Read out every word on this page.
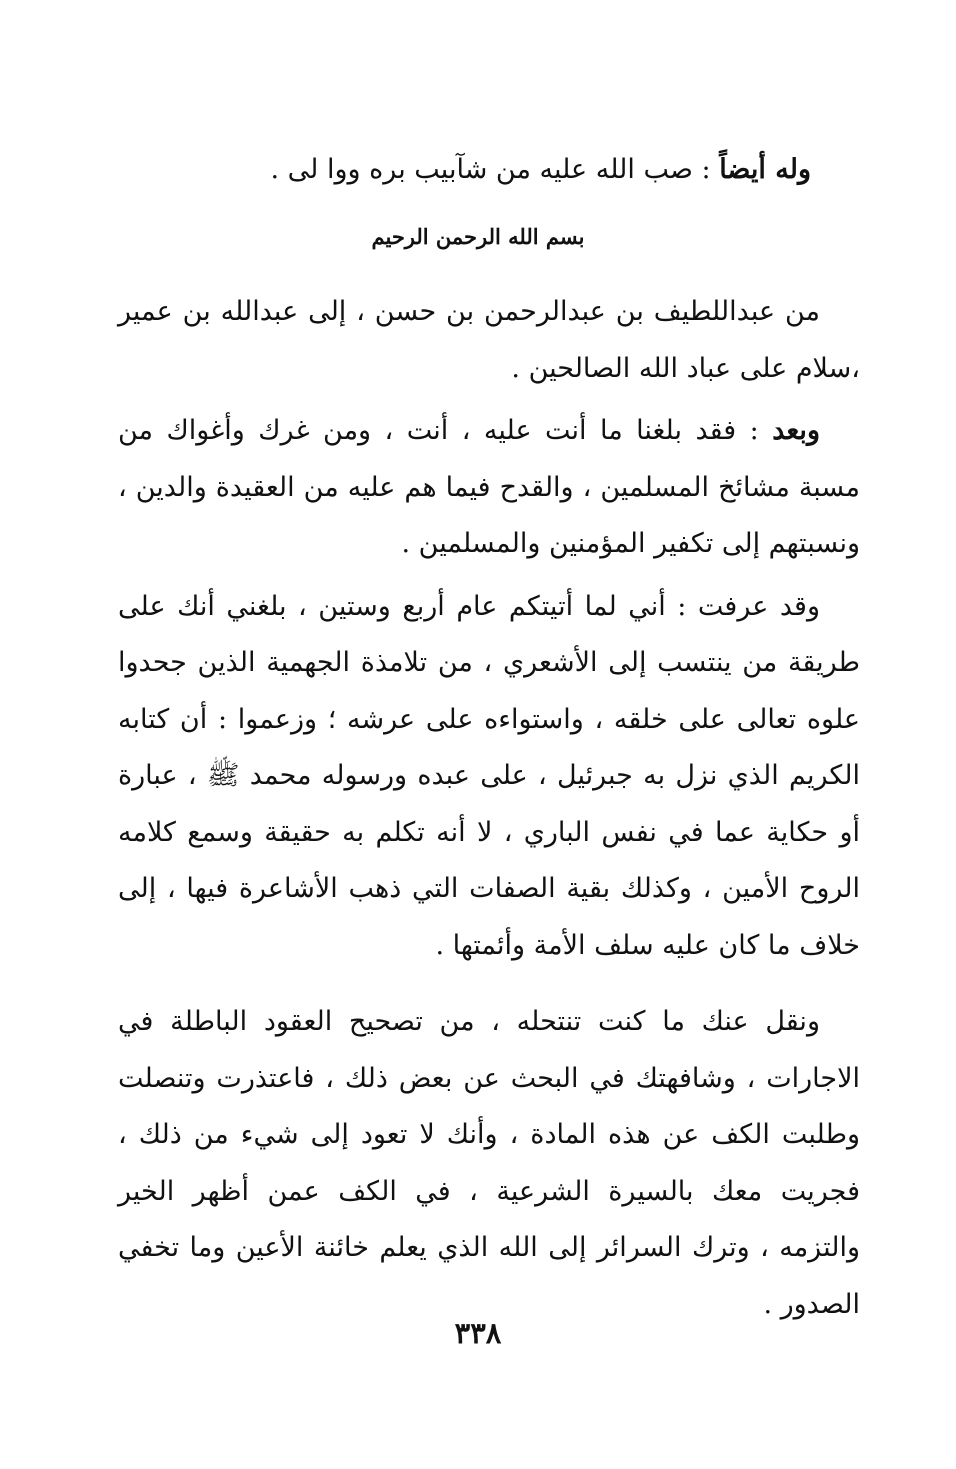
وله أيضاً : صب الله عليه من شآبيب بره ووا لى .
بسم الله الرحمن الرحيم

من عبداللطيف بن عبدالرحمن بن حسن ، إلى عبدالله بن عمير ،سلام على عباد الله الصالحين .

وبعد : فقد بلغنا ما أنت عليه ، أنت ، ومن غرك وأغواك من مسبة مشائخ المسلمين ، والقدح فيما هم عليه من العقيدة والدين ، ونسبتهم إلى تكفير المؤمنين والمسلمين .

وقد عرفت : أني لما أتيتكم عام أربع وستين ، بلغني أنك على طريقة من ينتسب إلى الأشعري ، من تلامذة الجهمية الذين جحدوا علوه تعالى على خلقه ، واستواءه على عرشه ؛ وزعموا : أن كتابه الكريم الذي نزل به جبرئيل ، على عبده ورسوله محمد ﷺ ، عبارة أو حكاية عما في نفس الباري ، لا أنه تكلم به حقيقة وسمع كلامه الروح الأمين ، وكذلك بقية الصفات التي ذهب الأشاعرة فيها ، إلى خلاف ما كان عليه سلف الأمة وأئمتها .

ونقل عنك ما كنت تنتحله ، من تصحيح العقود الباطلة في الاجارات ، وشافهتك في البحث عن بعض ذلك ، فاعتذرت وتنصلت وطلبت الكف عن هذه المادة ، وأنك لا تعود إلى شيء من ذلك ، فجريت معك بالسيرة الشرعية ، في الكف عمن أظهر الخير والتزمه ، وترك السرائر إلى الله الذي يعلم خائنة الأعين وما تخفي الصدور .

٣٣٨
